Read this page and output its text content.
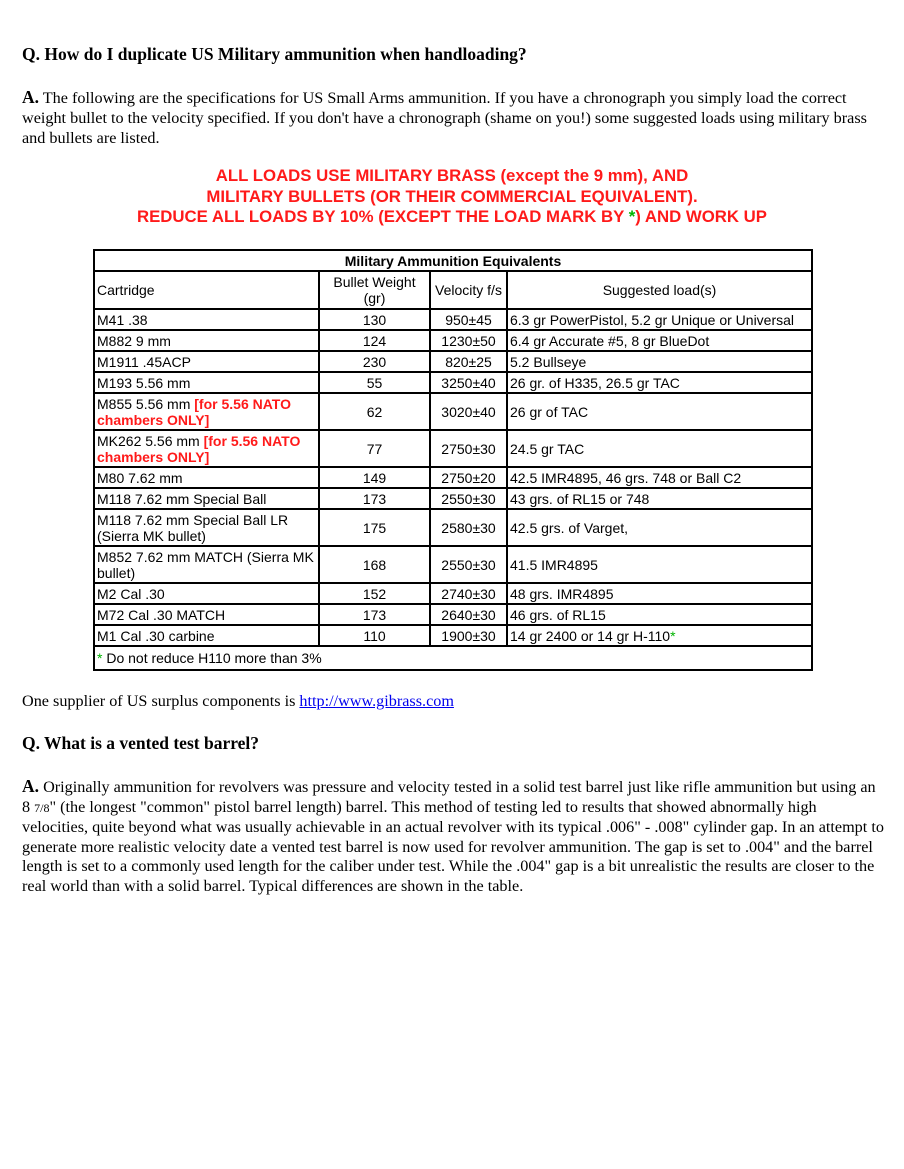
Q. How do I duplicate US Military ammunition when handloading?

A. The following are the specifications for US Small Arms ammunition. If you have a chronograph you simply load the correct weight bullet to the velocity specified. If you don't have a chronograph (shame on you!) some suggested loads using military brass and bullets are listed.

ALL LOADS USE MILITARY BRASS (except the 9 mm), AND
MILITARY BULLETS (OR THEIR COMMERCIAL EQUIVALENT).
REDUCE ALL LOADS BY 10% (EXCEPT THE LOAD MARK BY *) AND WORK UP
Military Ammunition Equivalents			
Cartridge	Bullet Weight (gr)	Velocity f/s	Suggested load(s)
M41 .38	130	950±45	6.3 gr PowerPistol, 5.2 gr Unique or Universal
M882 9 mm	124	1230±50	6.4 gr Accurate #5, 8 gr BlueDot
M1911 .45ACP	230	820±25	5.2 Bullseye
M193 5.56 mm	55	3250±40	26 gr. of H335, 26.5 gr TAC
M855 5.56 mm [for 5.56 NATO chambers ONLY]	62	3020±40	26 gr of TAC
MK262 5.56 mm [for 5.56 NATO chambers ONLY]	77	2750±30	24.5 gr TAC
M80 7.62 mm	149	2750±20	42.5 IMR4895, 46 grs. 748 or Ball C2
M118 7.62 mm Special Ball	173	2550±30	43 grs. of RL15 or 748
M118 7.62 mm Special Ball LR (Sierra MK bullet)	175	2580±30	42.5 grs. of Varget,
M852 7.62 mm MATCH (Sierra MK bullet)	168	2550±30	41.5 IMR4895
M2 Cal .30	152	2740±30	48 grs. IMR4895
M72 Cal .30 MATCH	173	2640±30	46 grs. of RL15
M1 Cal .30 carbine	110	1900±30	14 gr 2400 or 14 gr H-110*
* Do not reduce H110 more than 3%			

One supplier of US surplus components is http://www.gibrass.com

Q. What is a vented test barrel?

A. Originally ammunition for revolvers was pressure and velocity tested in a solid test barrel just like rifle ammunition but using an 8 7/8" (the longest "common" pistol barrel length) barrel. This method of testing led to results that showed abnormally high velocities, quite beyond what was usually achievable in an actual revolver with its typical .006" - .008" cylinder gap. In an attempt to generate more realistic velocity date a vented test barrel is now used for revolver ammunition. The gap is set to .004" and the barrel length is set to a commonly used length for the caliber under test. While the .004" gap is a bit unrealistic the results are closer to the real world than with a solid barrel. Typical differences are shown in the table.
